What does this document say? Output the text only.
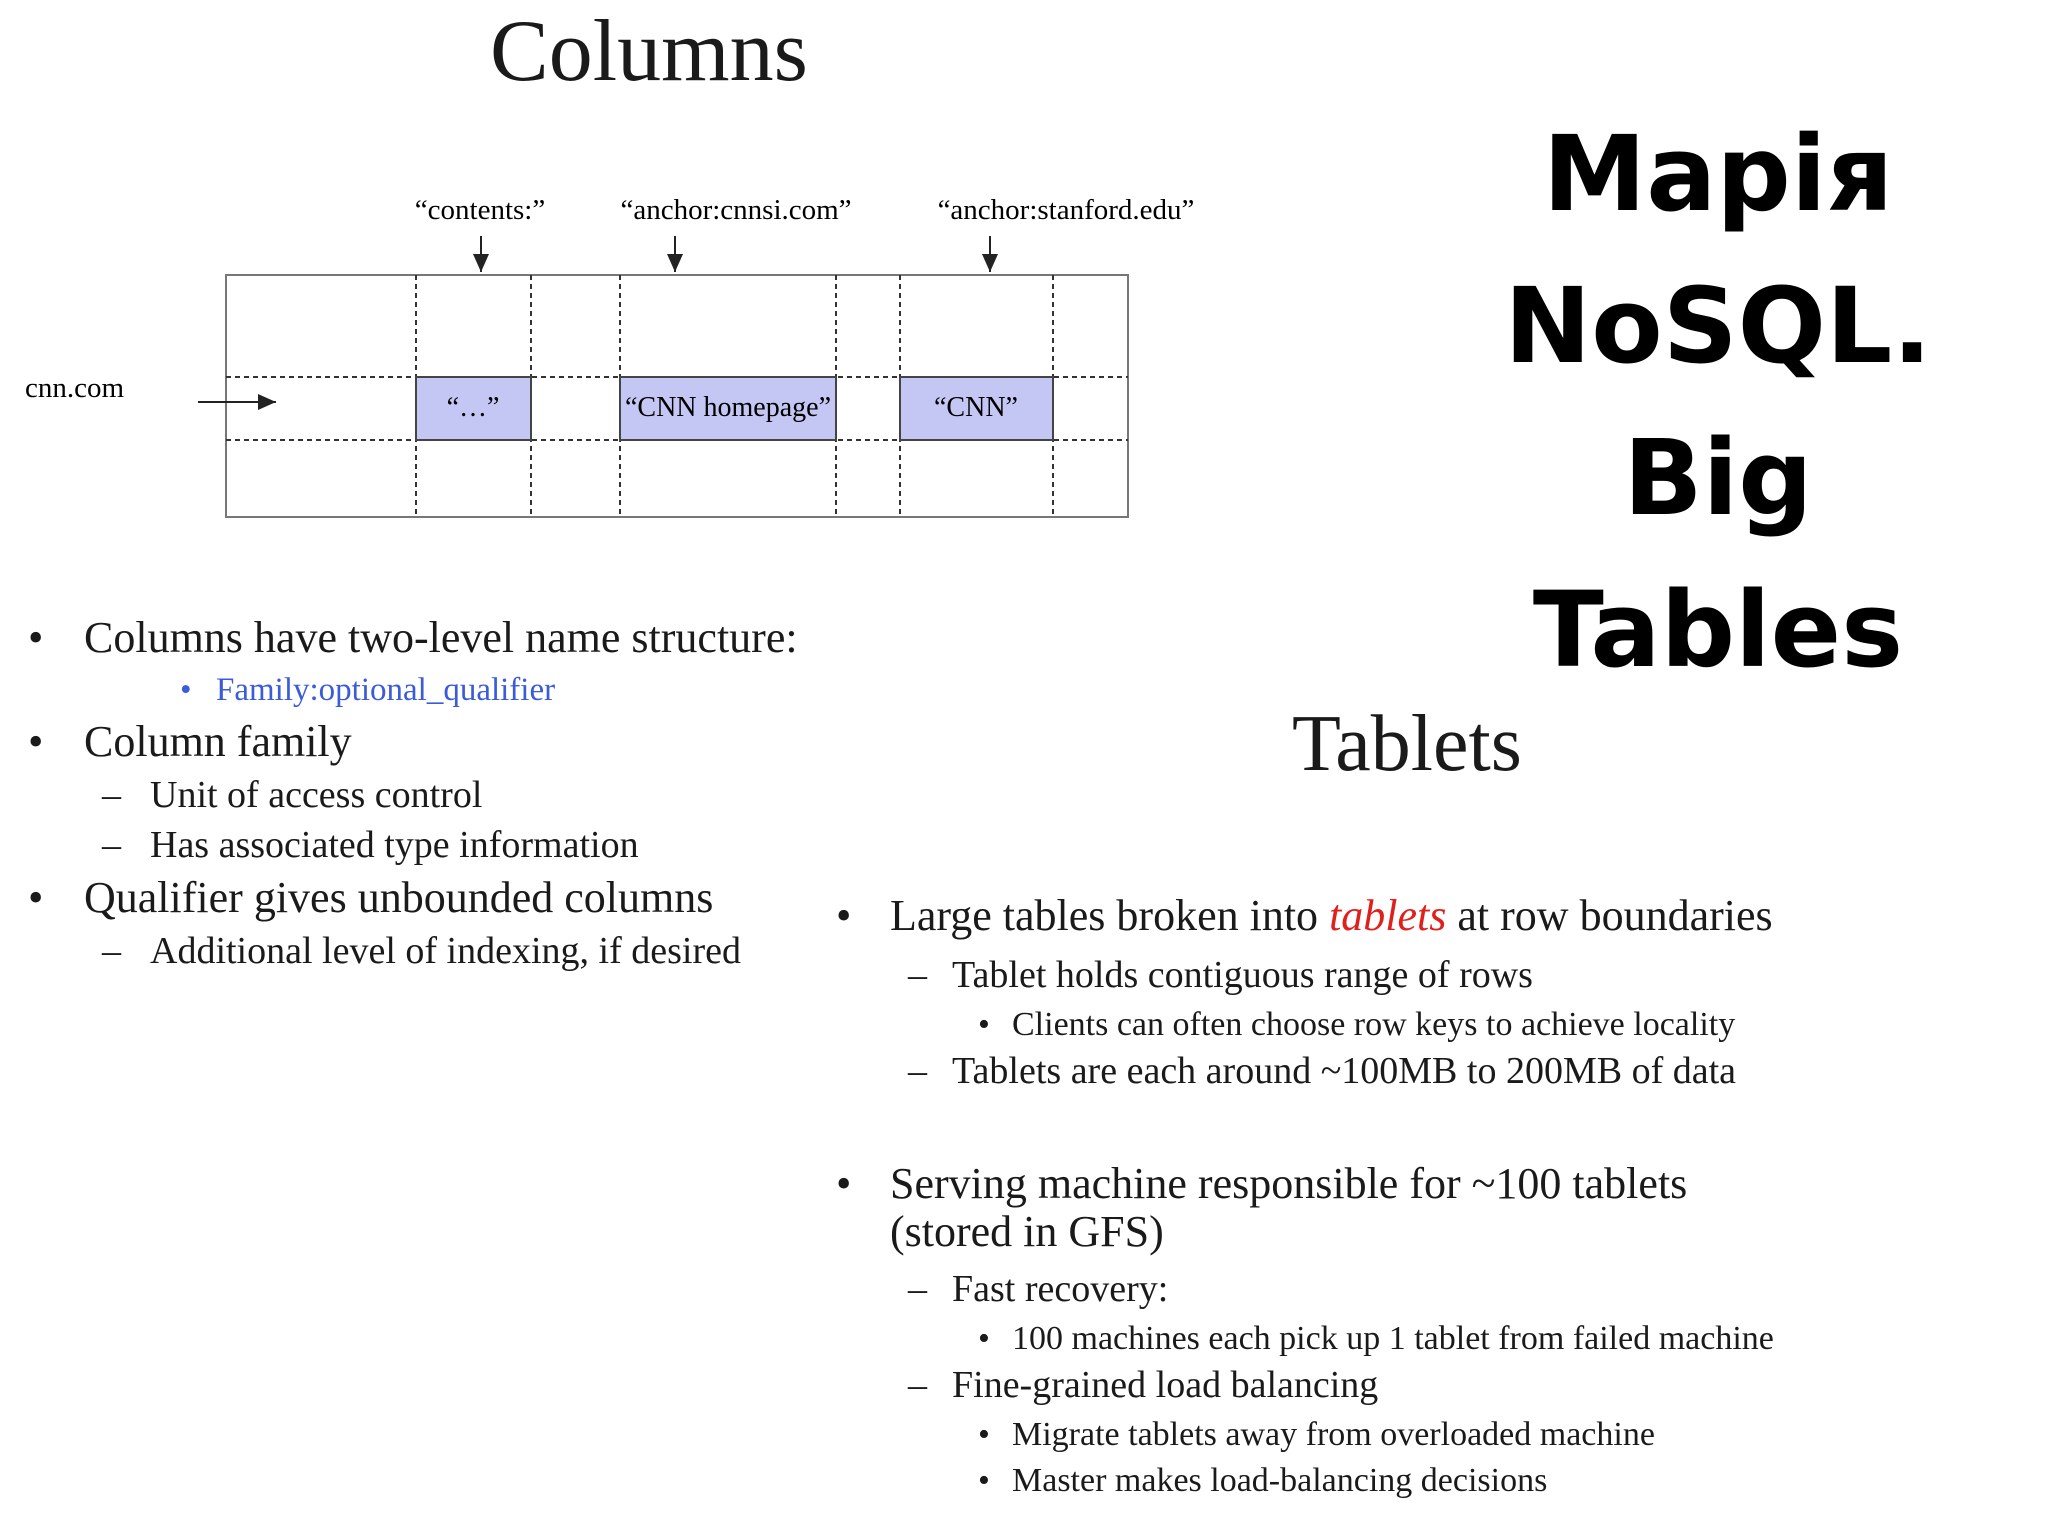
Columns
Марія
NoSQL. Big
Tables
“contents:”	“anchor:cnnsi.com”	“anchor:stanford.edu”
cnn.com
“…”	“CNN homepage”	“CNN”
• Columns have two-level name structure:
• Family:optional_qualifier
• Column family
– Unit of access control
– Has associated type information
• Qualifier gives unbounded columns
– Additional level of indexing, if desired
Tablets
• Large tables broken into tablets at row boundaries
– Tablet holds contiguous range of rows
• Clients can often choose row keys to achieve locality
– Tablets are each around ~100MB to 200MB of data
• Serving machine responsible for ~100 tablets
(stored in GFS)
– Fast recovery:
• 100 machines each pick up 1 tablet from failed machine
– Fine-grained load balancing
• Migrate tablets away from overloaded machine
• Master makes load-balancing decisions
